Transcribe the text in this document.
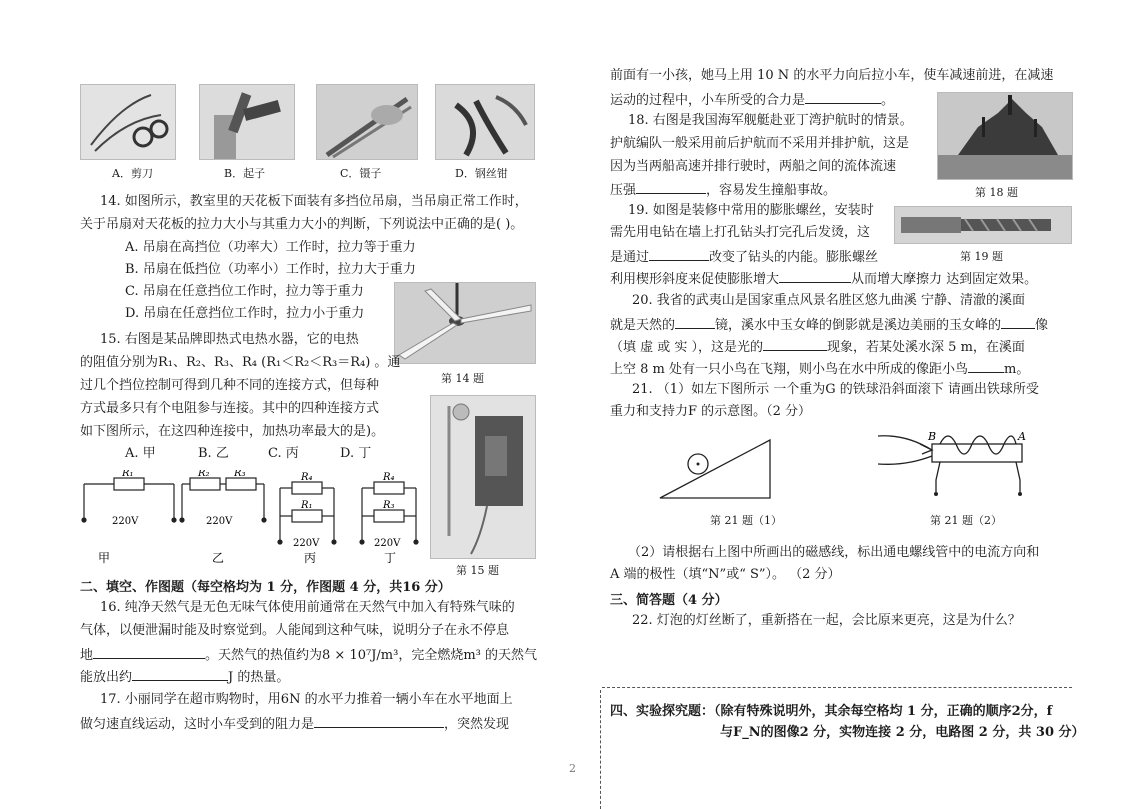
A．剪刀	B．起子	C．镊子	D．钢丝钳
14. 如图所示，教室里的天花板下面装有多挡位吊扇，当吊扇正常工作时，
关于吊扇对天花板的拉力大小与其重力大小的判断，下列说法中正确的是( )。
A. 吊扇在高挡位（功率大）工作时，拉力等于重力
B. 吊扇在低挡位（功率小）工作时，拉力大于重力
C. 吊扇在任意挡位工作时，拉力等于重力
D. 吊扇在任意挡位工作时，拉力小于重力
第 14 题
15. 右图是某品牌即热式电热水器，它的电热
的阻值分别为R₁、R₂、R₃、R₄ (R₁＜R₂＜R₃＝R₄) 。通
过几个挡位控制可得到几种不同的连接方式，但每种
方式最多只有个电阻参与连接。其中的四种连接方式
如下图所示，在这四种连接中，加热功率最大的是)。
A. 甲	B. 乙	C. 丙	D. 丁
第 15 题
R₁	R₂ R₃	R₄
R₁
R₄
R₃
220V	220V
220V	220V
甲	乙	丙	丁
二、填空、作图题（每空格均为 1 分，作图题 4 分，共16 分）
16. 纯净天然气是无色无味气体使用前通常在天然气中加入有特殊气味的
气体，以便泄漏时能及时察觉到。人能闻到这种气味，说明分子在永不停息
地	。天然气的热值约为8 × 10⁷J/m³，完全燃烧m³ 的天然气
能放出约	J 的热量。
17. 小丽同学在超市购物时，用6N 的水平力推着一辆小车在水平地面上
做匀速直线运动，这时小车受到的阻力是	，突然发现
2
前面有一小孩，她马上用 10 N 的水平力向后拉小车，使车减速前进，在减速
运动的过程中，小车所受的合力是	。
18. 右图是我国海军舰艇赴亚丁湾护航时的情景。
护航编队一般采用前后护航而不采用并排护航，这是
因为当两船高速并排行驶时，两船之间的流体流速
压强	，容易发生撞船事故。	第 18 题
19. 如图是装修中常用的膨胀螺丝，安装时
需先用电钻在墙上打孔钻头打完孔后发烫，这
是通过	改变了钻头的内能。膨胀螺丝
利用楔形斜度来促使膨胀增大	从而增大摩擦力 达到固定效果。
第 19 题
20. 我省的武夷山是国家重点风景名胜区悠九曲溪 宁静、清澈的溪面
就是天然的	镜，溪水中玉女峰的倒影就是溪边美丽的玉女峰的	像
（填 虚 或 实 ），这是光的	现象，若某处溪水深 5 m，在溪面
上空 8 m 处有一只小鸟在飞翔，则小鸟在水中所成的像距小鸟	m。
21. （1）如左下图所示 一个重为G 的铁球沿斜面滚下 请画出铁球所受
重力和支持力F 的示意图。（2 分）
第 21 题（1）
B	A
第 21 题（2）
（2）请根据右上图中所画出的磁感线，标出通电螺线管中的电流方向和
A 端的极性（填“N”或“ S”）。 （2 分）
三、简答题（4 分）
22. 灯泡的灯丝断了，重新搭在一起，会比原来更亮，这是为什么？
四、实验探究题：（除有特殊说明外，其余每空格均 1 分，正确的顺序2分，f
与F_N的图像2 分，实物连接 2 分，电路图 2 分，共 30 分）
